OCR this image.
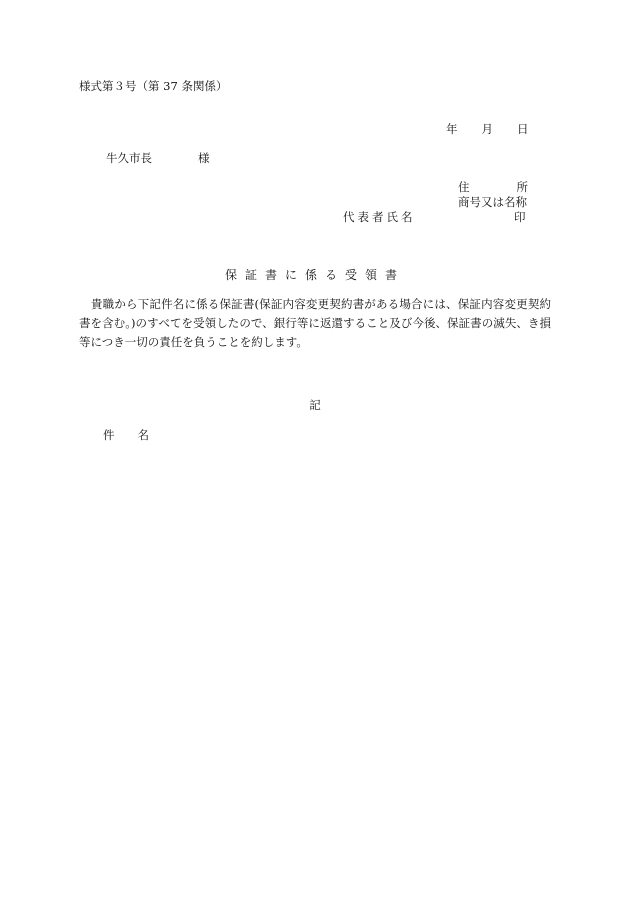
様式第３号（第 37 条関係）
年 月 日
牛久市長	様
住	所
商号又は名称
代表者氏名	印
保証書に係る受領書
貴職から下記件名に係る保証書(保証内容変更契約書がある場合には、保証内容変更契約書を含む。)のすべてを受領したので、銀行等に返還すること及び今後、保証書の滅失、き損等につき一切の責任を負うことを約します。
記
件 名
